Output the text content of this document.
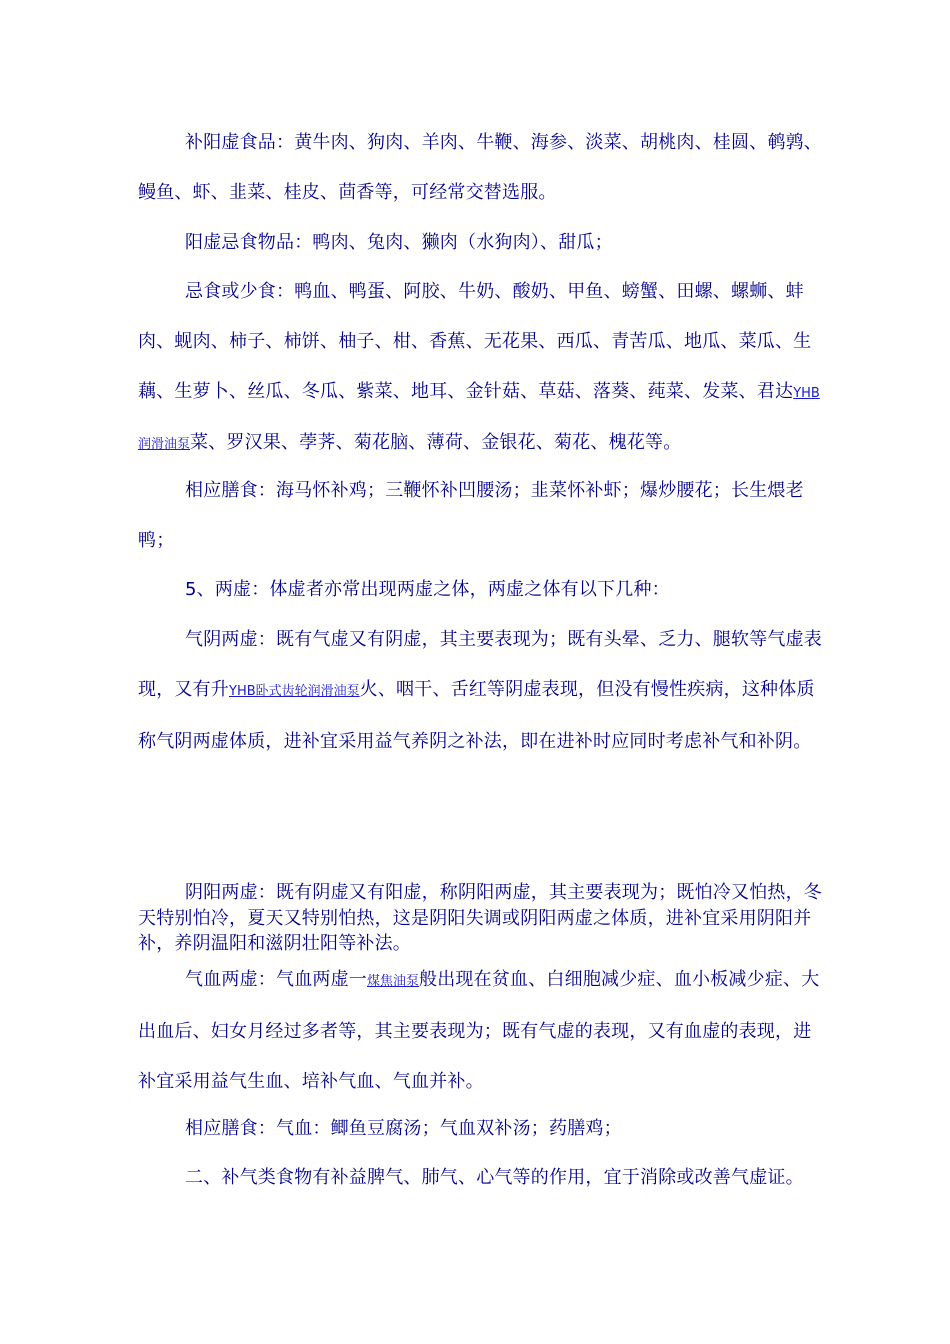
补阳虚食品：黄牛肉、狗肉、羊肉、牛鞭、海参、淡菜、胡桃肉、桂圆、鹌鹑、鳗鱼、虾、韭菜、桂皮、茴香等，可经常交替选服。

阳虚忌食物品：鸭肉、兔肉、獭肉（水狗肉）、甜瓜；

忌食或少食：鸭血、鸭蛋、阿胶、牛奶、酸奶、甲鱼、螃蟹、田螺、螺蛳、蚌肉、蚬肉、柿子、柿饼、柚子、柑、香蕉、无花果、西瓜、青苦瓜、地瓜、菜瓜、生藕、生萝卜、丝瓜、冬瓜、紫菜、地耳、金针菇、草菇、落葵、莼菜、发菜、君达YHB润滑油泵菜、罗汉果、荸荠、菊花脑、薄荷、金银花、菊花、槐花等。

相应膳食：海马怀补鸡；三鞭怀补凹腰汤；韭菜怀补虾；爆炒腰花；长生煨老鸭；

5、两虚：体虚者亦常出现两虚之体，两虚之体有以下几种：

气阴两虚：既有气虚又有阴虚，其主要表现为；既有头晕、乏力、腿软等气虚表现，又有升YHB卧式齿轮润滑油泵火、咽干、舌红等阴虚表现，但没有慢性疾病，这种体质称气阴两虚体质，进补宜采用益气养阴之补法，即在进补时应同时考虑补气和补阴。

阴阳两虚：既有阴虚又有阳虚，称阴阳两虚，其主要表现为；既怕冷又怕热，冬天特别怕冷，夏天又特别怕热，这是阴阳失调或阴阳两虚之体质，进补宜采用阴阳并补，养阴温阳和滋阴壮阳等补法。

气血两虚：气血两虚一煤焦油泵般出现在贫血、白细胞减少症、血小板减少症、大出血后、妇女月经过多者等，其主要表现为；既有气虚的表现，又有血虚的表现，进补宜采用益气生血、培补气血、气血并补。

相应膳食：气血：鲫鱼豆腐汤；气血双补汤；药膳鸡；

二、补气类食物有补益脾气、肺气、心气等的作用，宜于消除或改善气虚证。
